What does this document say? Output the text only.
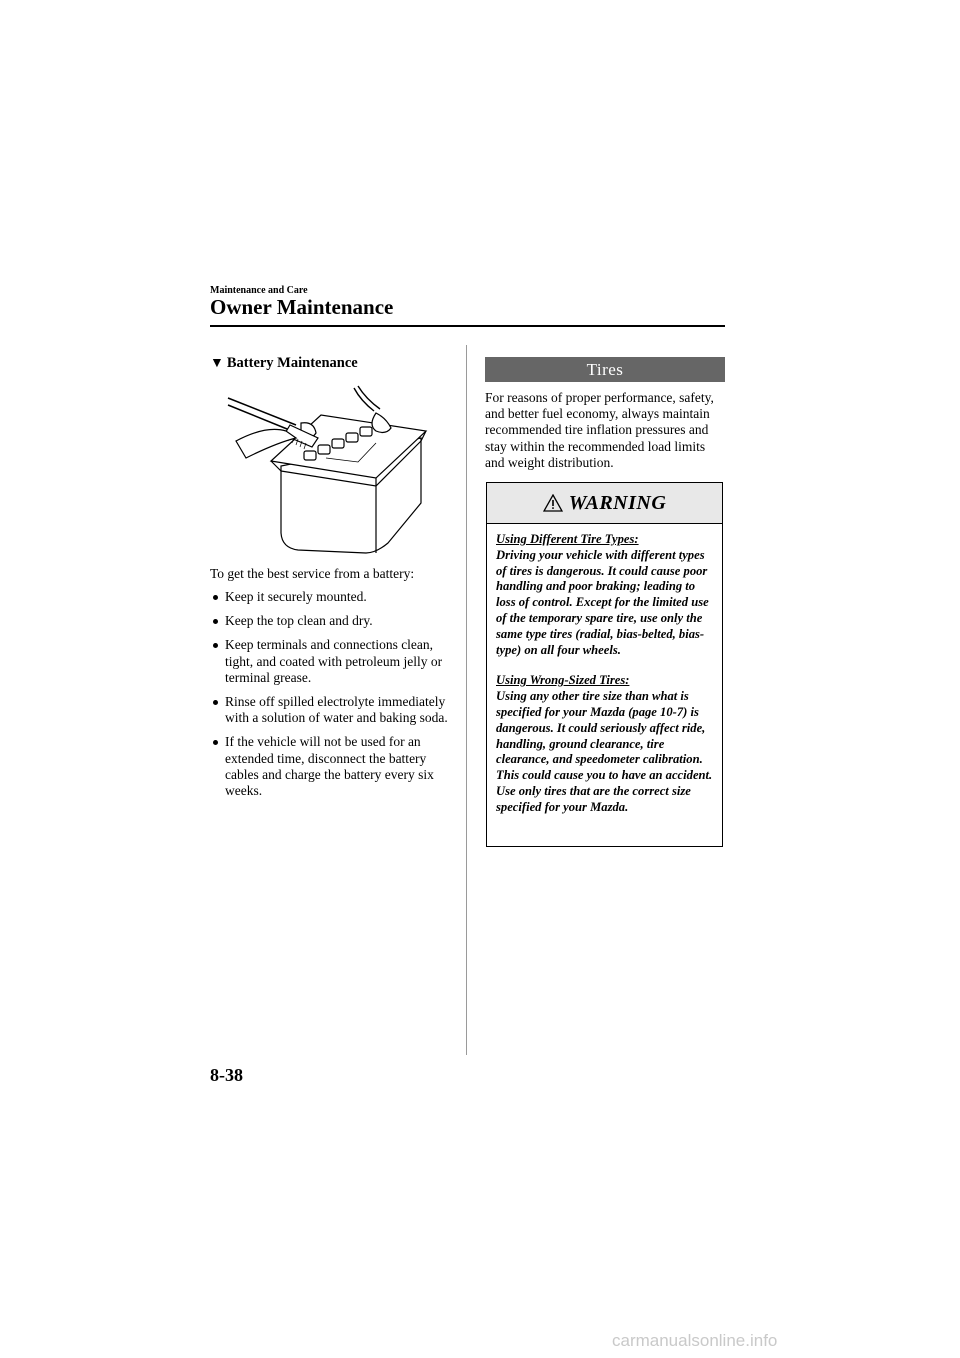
Maintenance and Care
Owner Maintenance
▼ Battery Maintenance
To get the best service from a battery:
Keep it securely mounted.
Keep the top clean and dry.
Keep terminals and connections clean, tight, and coated with petroleum jelly or terminal grease.
Rinse off spilled electrolyte immediately with a solution of water and baking soda.
If the vehicle will not be used for an extended time, disconnect the battery cables and charge the battery every six weeks.
Tires
For reasons of proper performance, safety, and better fuel economy, always maintain recommended tire inflation pressures and stay within the recommended load limits and weight distribution.
WARNING
Using Different Tire Types:
Driving your vehicle with different types of tires is dangerous. It could cause poor handling and poor braking; leading to loss of control. Except for the limited use of the temporary spare tire, use only the same type tires (radial, bias-belted, bias-type) on all four wheels.
Using Wrong-Sized Tires:
Using any other tire size than what is specified for your Mazda (page 10-7) is dangerous. It could seriously affect ride, handling, ground clearance, tire clearance, and speedometer calibration. This could cause you to have an accident. Use only tires that are the correct size specified for your Mazda.
8-38
carmanualsonline.info
